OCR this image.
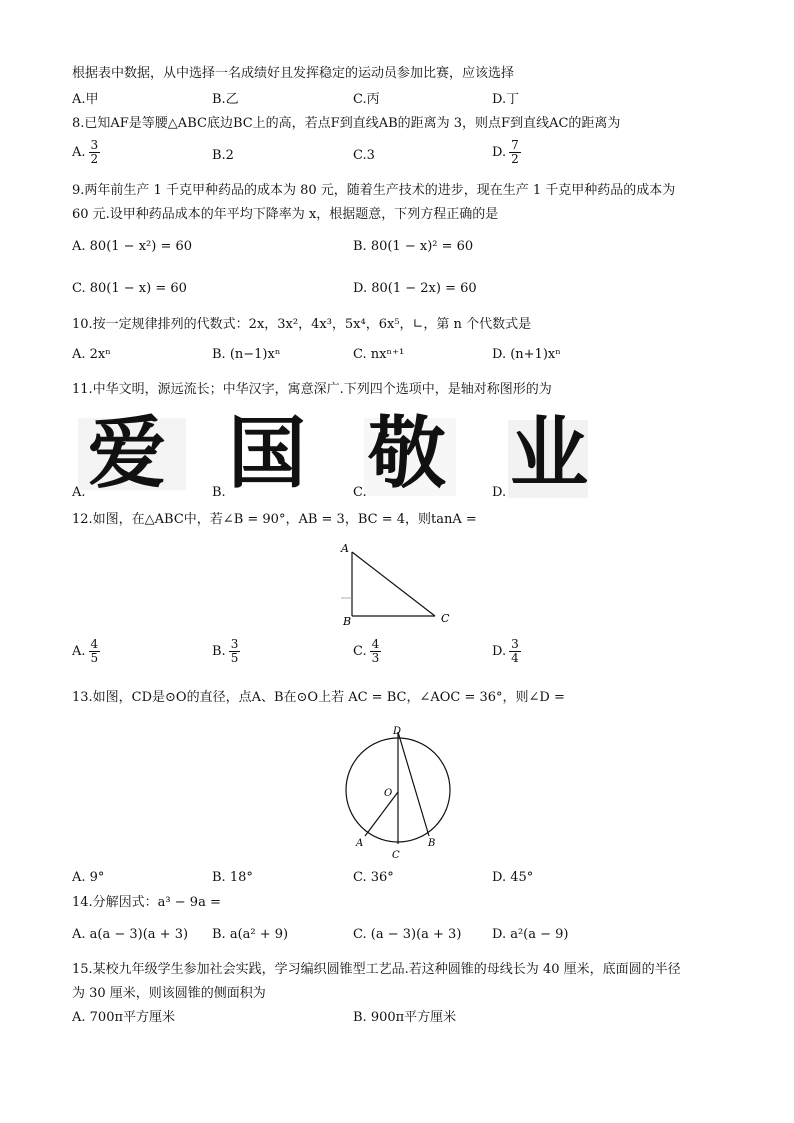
根据表中数据，从中选择一名成绩好且发挥稳定的运动员参加比赛，应该选择
A.甲	B.乙	C.丙	D.丁
8.已知AF是等腰△ABC底边BC上的高，若点F到直线AB的距离为 3，则点F到直线AC的距离为
A. $\frac{3}{2}$	B.2	C.3	D. $\frac{7}{2}$
9.两年前生产 1 千克甲种药品的成本为 80 元，随着生产技术的进步，现在生产 1 千克甲种药品的成本为
60 元.设甲种药品成本的年平均下降率为 x，根据题意，下列方程正确的是
A. 80(1 − x²) = 60	B. 80(1 − x)² = 60
C. 80(1 − x) = 60	D. 80(1 − 2x) = 60
10.按一定规律排列的代数式：2x，3x²，4x³，5x⁴，6x⁵，∟，第 n 个代数式是
A. 2xⁿ	B. (n−1)xⁿ	C. nxⁿ⁺¹	D. (n+1)xⁿ
11.中华文明，源远流长；中华汉字，寓意深广.下列四个选项中，是轴对称图形的为
爱 国 敬 业
A.	B.	C.	D.
12.如图，在△ABC中，若∠B = 90°，AB = 3，BC = 4，则tanA =
A
B	C
A. $\frac{4}{5}$	B. $\frac{3}{5}$	C. $\frac{4}{3}$	D. $\frac{3}{4}$
13.如图，CD是⊙O的直径，点A、B在⊙O上若 AC = BC，∠AOC = 36°，则∠D =
D
O
A	B
C
A. 9°	B. 18°	C. 36°	D. 45°
14.分解因式：a³ − 9a =
A. a(a − 3)(a + 3) B. a(a² + 9)	C. (a − 3)(a + 3) D. a²(a − 9)
15.某校九年级学生参加社会实践，学习编织圆锥型工艺品.若这种圆锥的母线长为 40 厘米，底面圆的半径
为 30 厘米，则该圆锥的侧面积为
A. 700π平方厘米	B. 900π平方厘米
